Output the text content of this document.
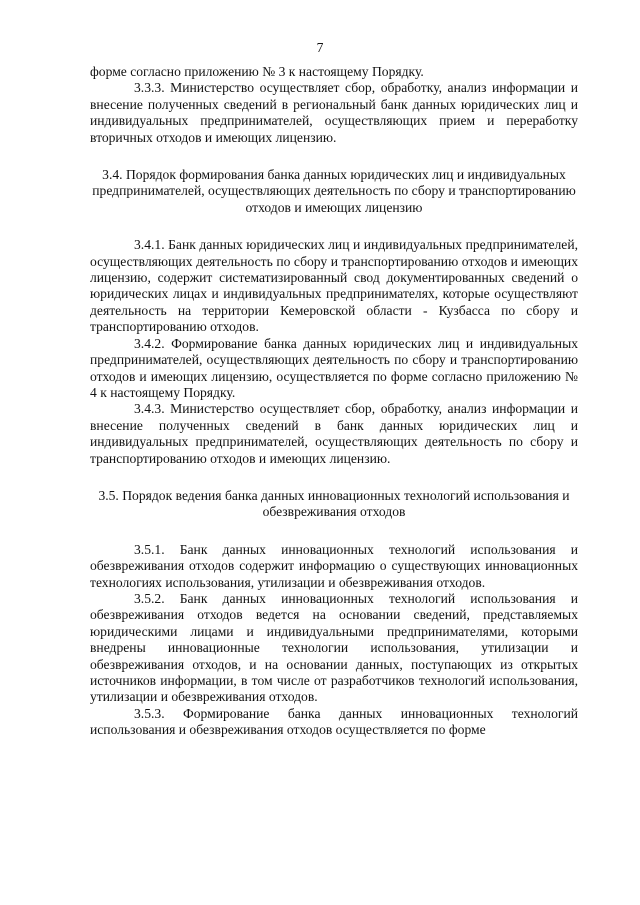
7

форме согласно приложению № 3 к настоящему Порядку.

3.3.3. Министерство осуществляет сбор, обработку, анализ информации и внесение полученных сведений в региональный банк данных юридических лиц и индивидуальных предпринимателей, осуществляющих прием и переработку вторичных отходов и имеющих лицензию.

3.4. Порядок формирования банка данных юридических лиц и индивидуальных предпринимателей, осуществляющих деятельность по сбору и транспортированию отходов и имеющих лицензию

3.4.1. Банк данных юридических лиц и индивидуальных предпринимателей, осуществляющих деятельность по сбору и транспортированию отходов и имеющих лицензию, содержит систематизированный свод документированных сведений о юридических лицах и индивидуальных предпринимателях, которые осуществляют деятельность на территории Кемеровской области - Кузбасса по сбору и транспортированию отходов.

3.4.2. Формирование банка данных юридических лиц и индивидуальных предпринимателей, осуществляющих деятельность по сбору и транспортированию отходов и имеющих лицензию, осуществляется по форме согласно приложению № 4 к настоящему Порядку.

3.4.3. Министерство осуществляет сбор, обработку, анализ информации и внесение полученных сведений в банк данных юридических лиц и индивидуальных предпринимателей, осуществляющих деятельность по сбору и транспортированию отходов и имеющих лицензию.

3.5. Порядок ведения банка данных инновационных технологий использования и обезвреживания отходов

3.5.1. Банк данных инновационных технологий использования и обезвреживания отходов содержит информацию о существующих инновационных технологиях использования, утилизации и обезвреживания отходов.

3.5.2. Банк данных инновационных технологий использования и обезвреживания отходов ведется на основании сведений, представляемых юридическими лицами и индивидуальными предпринимателями, которыми внедрены инновационные технологии использования, утилизации и обезвреживания отходов, и на основании данных, поступающих из открытых источников информации, в том числе от разработчиков технологий использования, утилизации и обезвреживания отходов.

3.5.3. Формирование банка данных инновационных технологий использования и обезвреживания отходов осуществляется по форме
